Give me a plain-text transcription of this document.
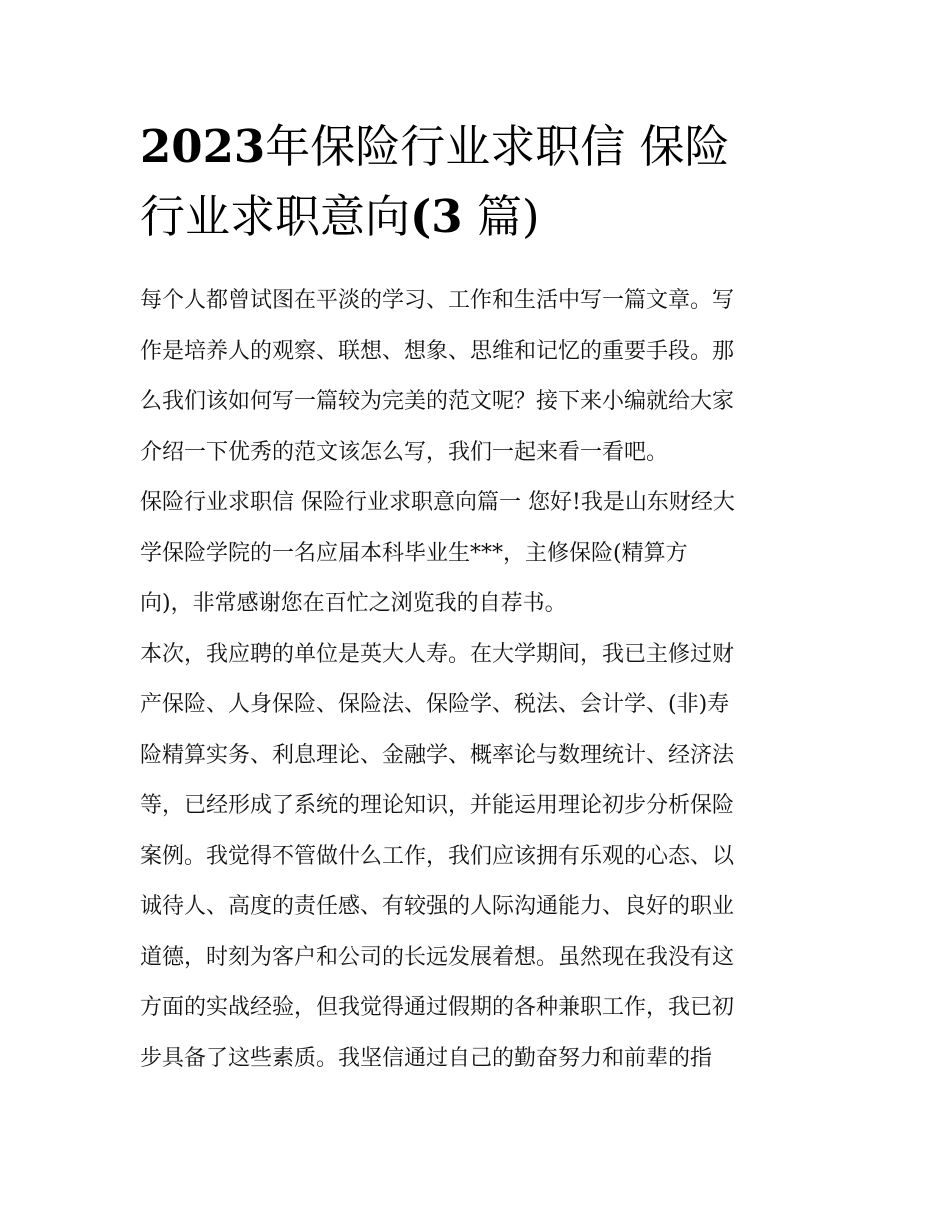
2023年保险行业求职信 保险
行业求职意向(3 篇)

每个人都曾试图在平淡的学习、工作和生活中写一篇文章。写
作是培养人的观察、联想、想象、思维和记忆的重要手段。那
么我们该如何写一篇较为完美的范文呢？接下来小编就给大家
介绍一下优秀的范文该怎么写，我们一起来看一看吧。

保险行业求职信 保险行业求职意向篇一 您好!我是山东财经大
学保险学院的一名应届本科毕业生***，主修保险(精算方
向)，非常感谢您在百忙之浏览我的自荐书。

本次，我应聘的单位是英大人寿。在大学期间，我已主修过财
产保险、人身保险、保险法、保险学、税法、会计学、(非)寿
险精算实务、利息理论、金融学、概率论与数理统计、经济法
等，已经形成了系统的理论知识，并能运用理论初步分析保险
案例。我觉得不管做什么工作，我们应该拥有乐观的心态、以
诚待人、高度的责任感、有较强的人际沟通能力、良好的职业
道德，时刻为客户和公司的长远发展着想。虽然现在我没有这
方面的实战经验，但我觉得通过假期的各种兼职工作，我已初
步具备了这些素质。我坚信通过自己的勤奋努力和前辈的指
